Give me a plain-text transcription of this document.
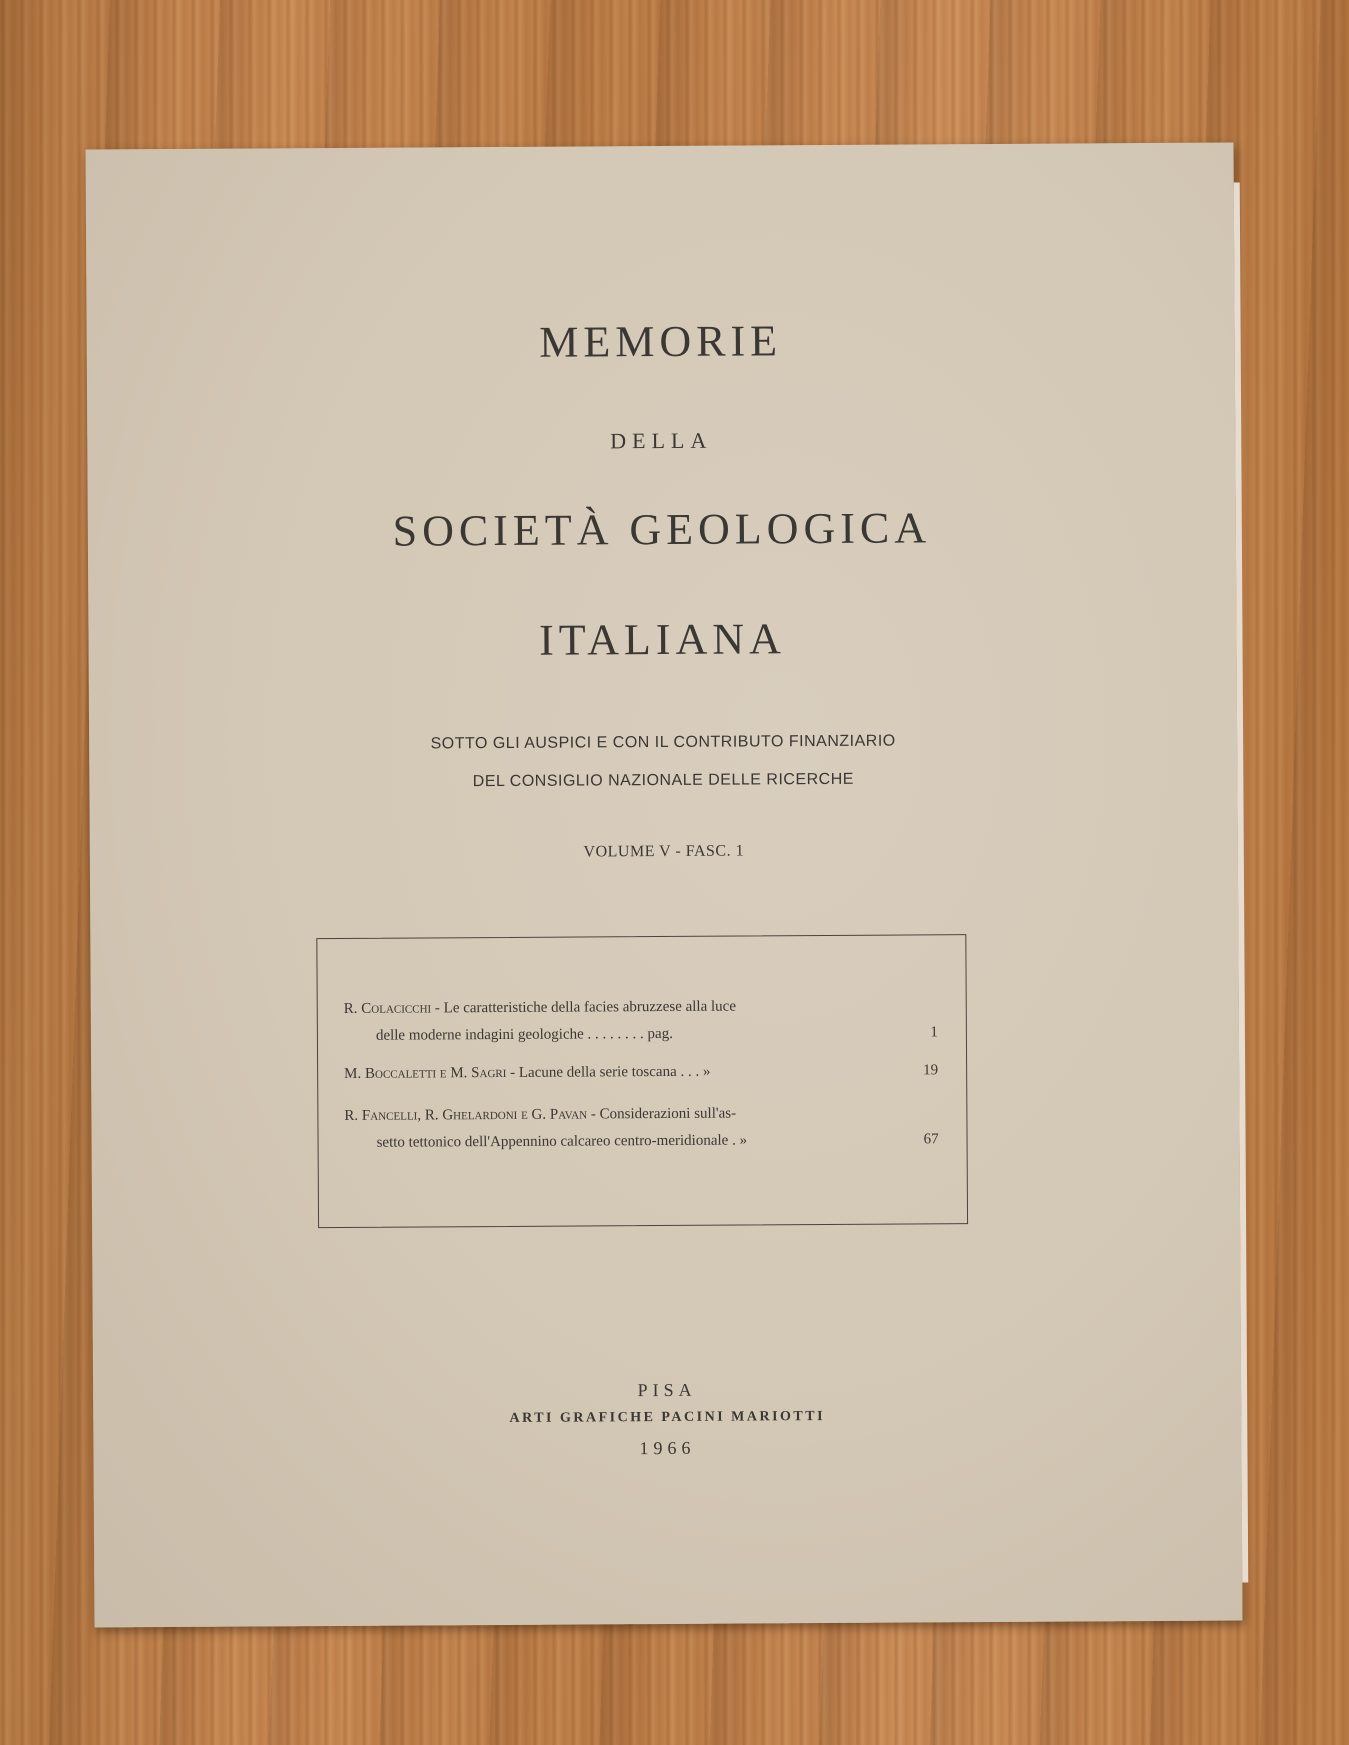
MEMORIE
DELLA
SOCIETÀ GEOLOGICA
ITALIANA
SOTTO GLI AUSPICI E CON IL CONTRIBUTO FINANZIARIO
DEL CONSIGLIO NAZIONALE DELLE RICERCHE
VOLUME V - FASC. 1
R. Colacicchi - Le caratteristiche della facies abruzzese alla luce
delle moderne indagini geologiche . . . . . . . . pag.	1
M. Boccaletti e M. Sagri - Lacune della serie toscana . . . »	19
R. Fancelli, R. Ghelardoni e G. Pavan - Considerazioni sull'as-
setto tettonico dell'Appennino calcareo centro-meridionale . »	67
PISA
ARTI GRAFICHE PACINI MARIOTTI
1966
